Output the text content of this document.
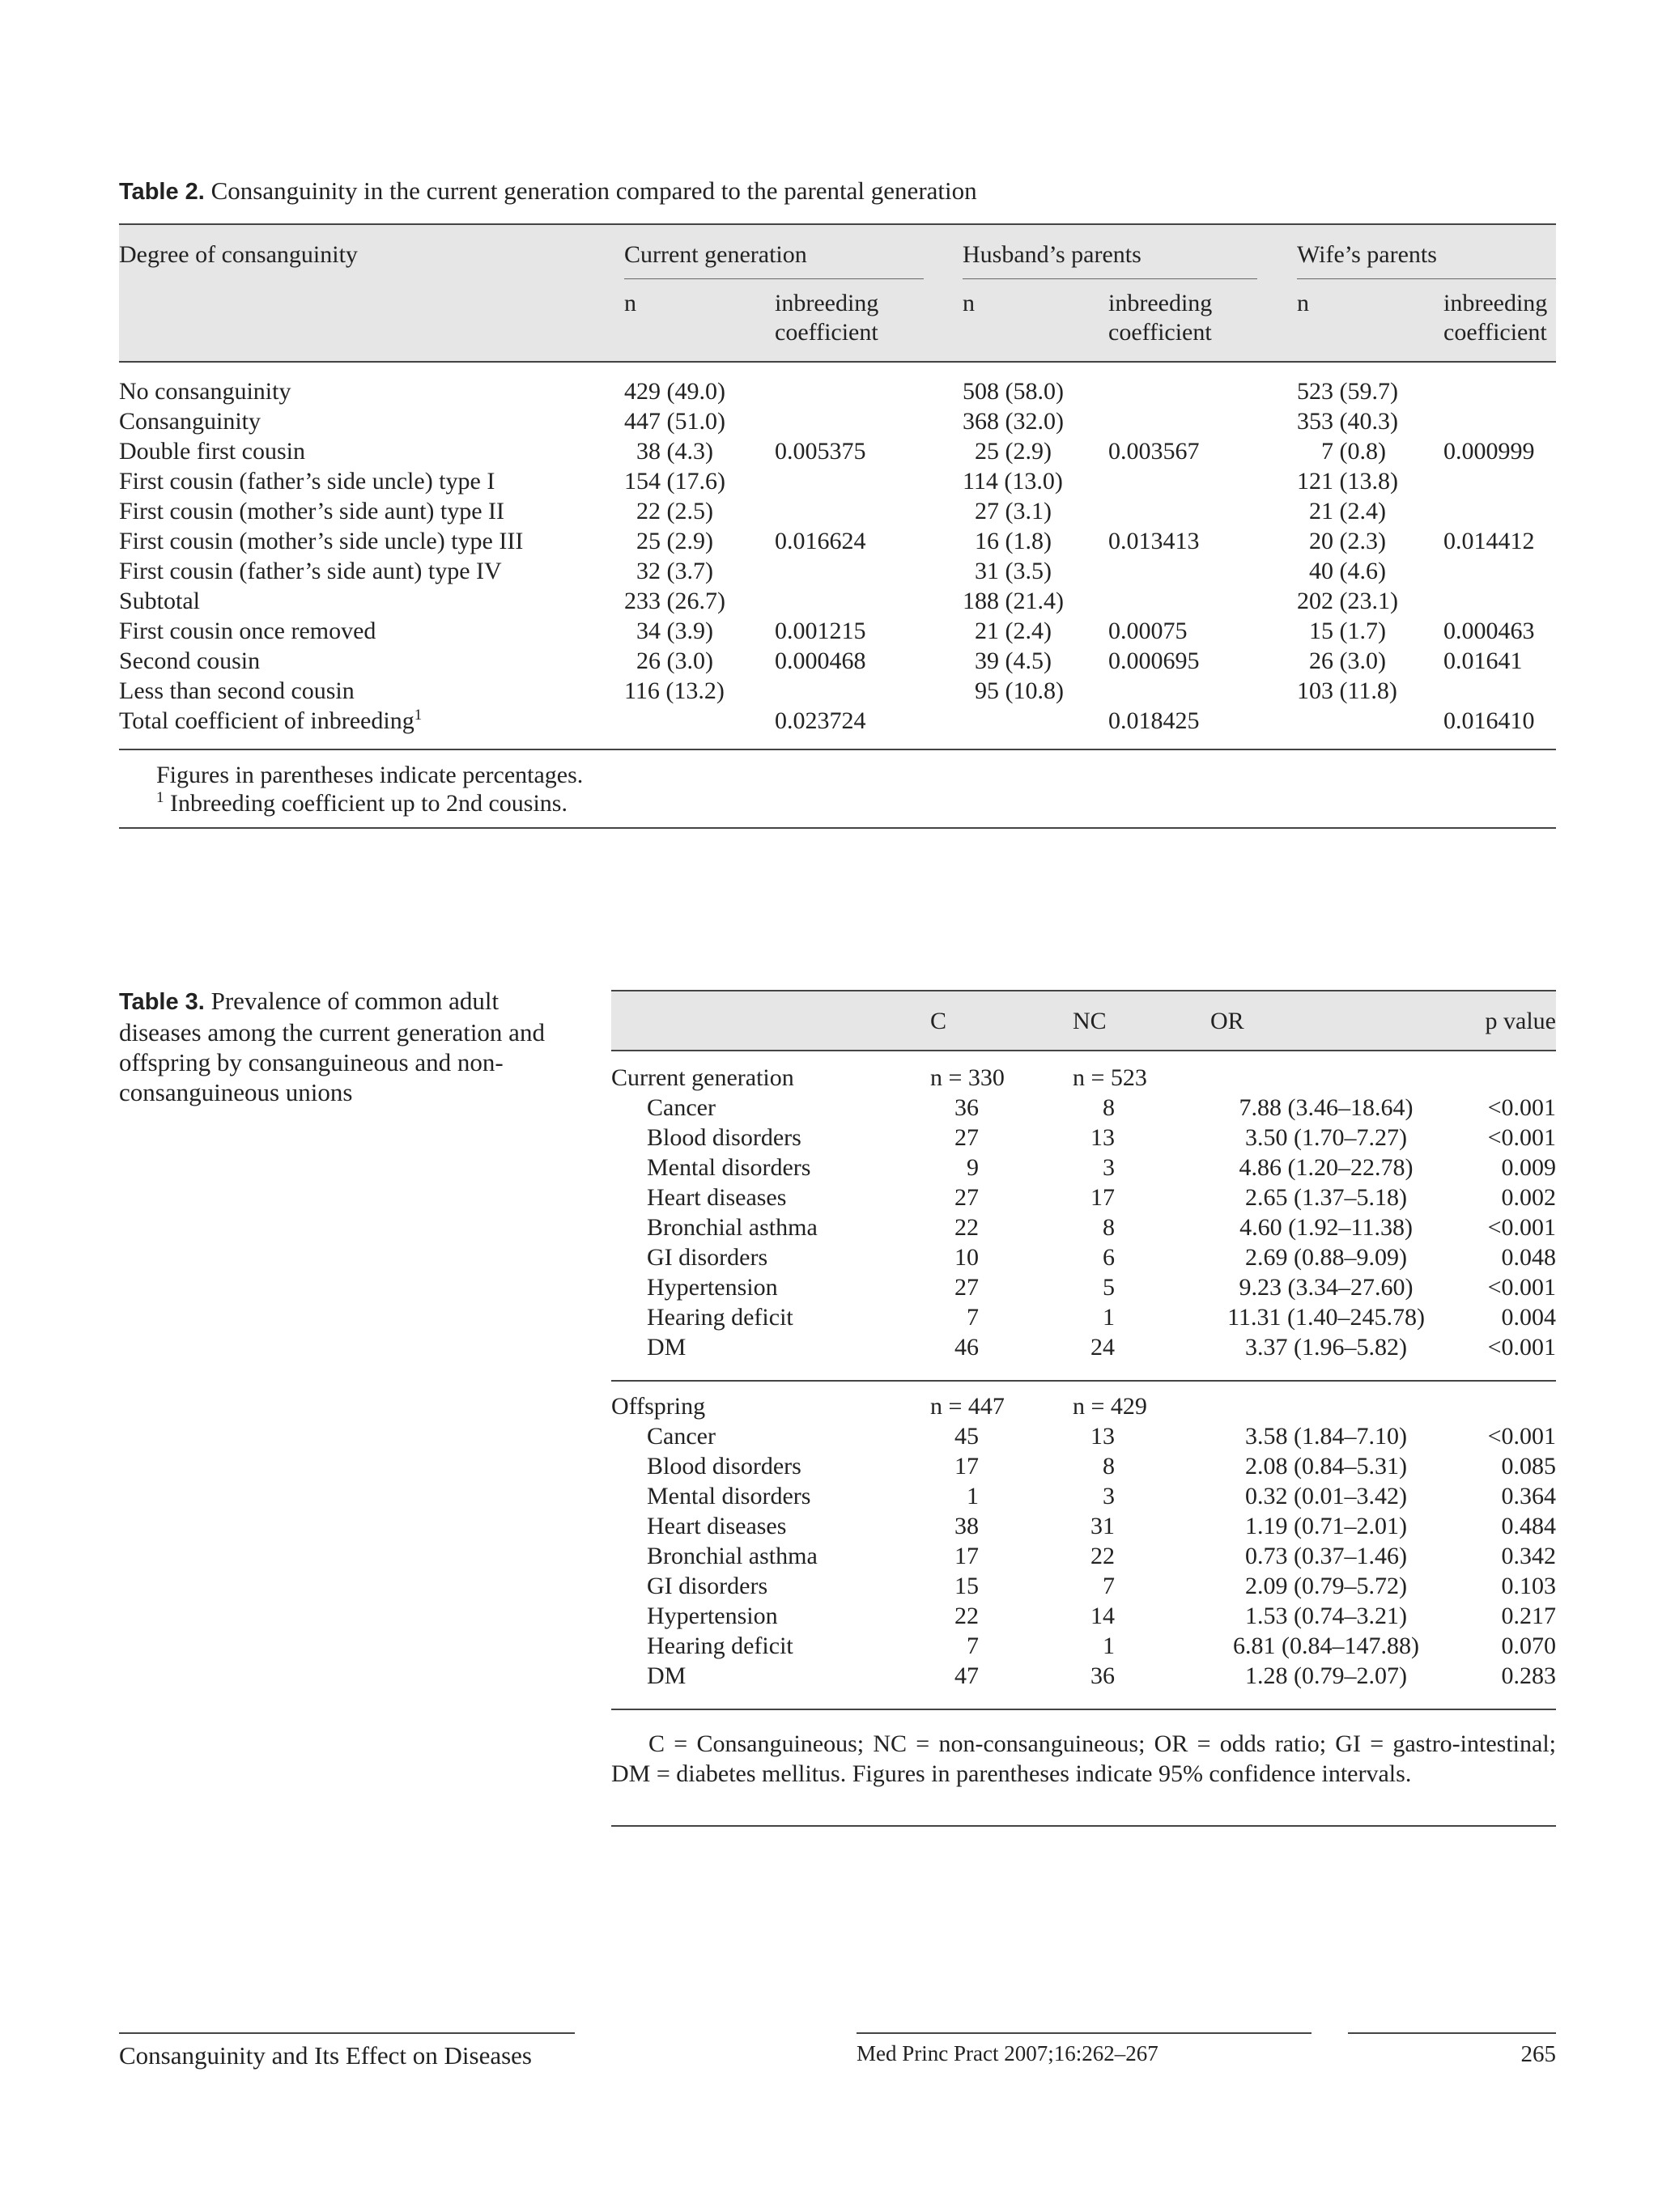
Table 2. Consanguinity in the current generation compared to the parental generation
Degree of consanguinity	Current generation	Husband’s parents	Wife’s parents
n	inbreeding
coefficient
n	inbreeding
coefficient
n	inbreeding
coefficient
No consanguinity	429 (49.0)	508 (58.0)	523 (59.7)
Consanguinity	447 (51.0)	368 (32.0)	353 (40.3)
Double first cousin	38 (4.3)	0.005375	25 (2.9) 0.003567	7 (0.8) 0.000999
First cousin (father’s side uncle) type I	154 (17.6)	114 (13.0)	121 (13.8)
First cousin (mother’s side aunt) type II	22 (2.5)	27 (3.1)	21 (2.4)
First cousin (mother’s side uncle) type III	25 (2.9)	0.016624	16 (1.8) 0.013413	20 (2.3) 0.014412
First cousin (father’s side aunt) type IV	32 (3.7)	31 (3.5)	40 (4.6)
Subtotal	233 (26.7)	188 (21.4)	202 (23.1)
First cousin once removed	34 (3.9)	0.001215	21 (2.4) 0.00075	15 (1.7) 0.000463
Second cousin	26 (3.0)	0.000468	39 (4.5) 0.000695	26 (3.0) 0.01641
Less than second cousin	116 (13.2)	95 (10.8)	103 (11.8)
Total coefficient of inbreeding$^1$	0.023724	0.018425	0.016410
Figures in parentheses indicate percentages.
$^1$ Inbreeding coefficient up to 2nd cousins.
Table 3. Prevalence of common adult diseases among the current generation and offspring by consanguineous and non-consanguineous unions
C	NC	OR	p value
Current generation	n = 330	n = 523
Cancer	36	8	7.88 (3.46–18.64)	<0.001
Blood disorders	27	13	3.50 (1.70–7.27)	<0.001
Mental disorders	9	3	4.86 (1.20–22.78)	0.009
Heart diseases	27	17	2.65 (1.37–5.18)	0.002
Bronchial asthma	22	8	4.60 (1.92–11.38)	<0.001
GI disorders	10	6	2.69 (0.88–9.09)	0.048
Hypertension	27	5	9.23 (3.34–27.60)	<0.001
Hearing deficit	7	1	11.31 (1.40–245.78)	0.004
DM	46	24	3.37 (1.96–5.82)	<0.001
Offspring	n = 447	n = 429
Cancer	45	13	3.58 (1.84–7.10)	<0.001
Blood disorders	17	8	2.08 (0.84–5.31)	0.085
Mental disorders	1	3	0.32 (0.01–3.42)	0.364
Heart diseases	38	31	1.19 (0.71–2.01)	0.484
Bronchial asthma	17	22	0.73 (0.37–1.46)	0.342
GI disorders	15	7	2.09 (0.79–5.72)	0.103
Hypertension	22	14	1.53 (0.74–3.21)	0.217
Hearing deficit	7	1	6.81 (0.84–147.88)	0.070
DM	47	36	1.28 (0.79–2.07)	0.283

C = Consanguineous; NC = non-consanguineous; OR = odds ratio; GI = gastro-intestinal; DM = diabetes mellitus. Figures in parentheses indicate 95% confidence intervals.

Consanguinity and Its Effect on Diseases	Med Princ Pract 2007;16:262–267	265
